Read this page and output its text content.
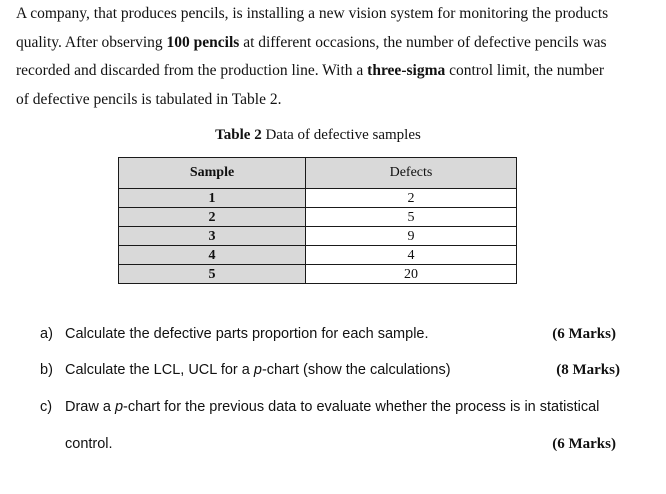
A company, that produces pencils, is installing a new vision system for monitoring the products
quality. After observing 100 pencils at different occasions, the number of defective pencils was
recorded and discarded from the production line. With a three-sigma control limit, the number
of defective pencils is tabulated in Table 2.
Table 2 Data of defective samples
Sample	Defects
1	2
2	5
3	9
4	4
5	20
a) Calculate the defective parts proportion for each sample.	(6 Marks)
b) Calculate the LCL, UCL for a p-chart (show the calculations)	(8 Marks)
c) Draw a p-chart for the previous data to evaluate whether the process is in statistical
control.	(6 Marks)
